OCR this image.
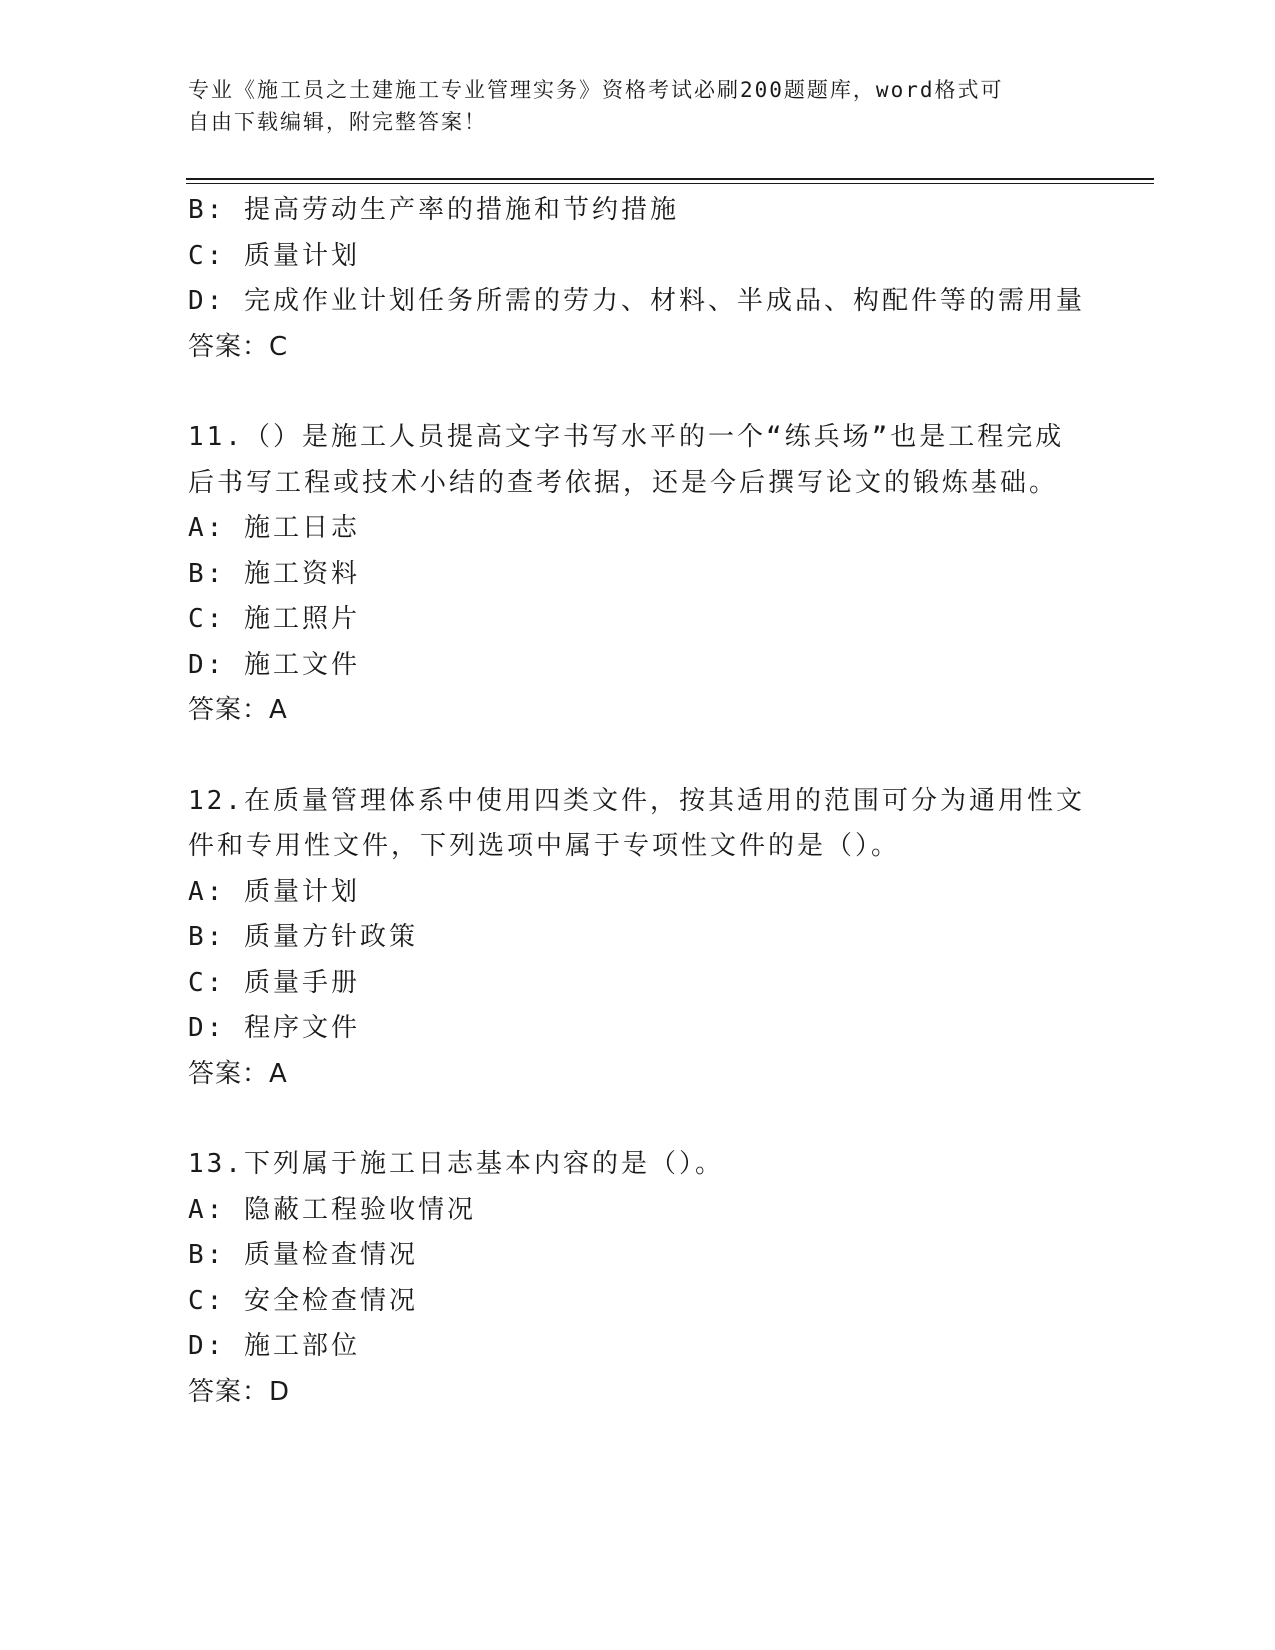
专业《施工员之土建施工专业管理实务》资格考试必刷200题题库，word格式可
自由下载编辑，附完整答案！
B: 提高劳动生产率的措施和节约措施
C: 质量计划
D: 完成作业计划任务所需的劳力、材料、半成品、构配件等的需用量
答案：C
11.（）是施工人员提高文字书写水平的一个“练兵场”也是工程完成
后书写工程或技术小结的查考依据，还是今后撰写论文的锻炼基础。
A: 施工日志
B: 施工资料
C: 施工照片
D: 施工文件
答案：A
12.在质量管理体系中使用四类文件，按其适用的范围可分为通用性文
件和专用性文件，下列选项中属于专项性文件的是（）。
A: 质量计划
B: 质量方针政策
C: 质量手册
D: 程序文件
答案：A
13.下列属于施工日志基本内容的是（）。
A: 隐蔽工程验收情况
B: 质量检查情况
C: 安全检查情况
D: 施工部位
答案：D
